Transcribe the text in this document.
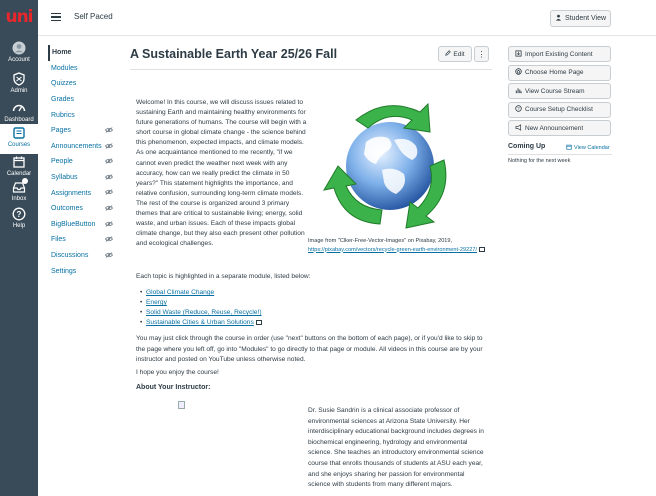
uni
Account
Admin
Dashboard
Courses
Calendar
Inbox
?
Help
Self Paced	Student View
Home
Modules
Quizzes
Grades
Rubrics
Pages
Announcements
People
Syllabus
Assignments
Outcomes
BigBlueButton
Files
Discussions
Settings
A Sustainable Earth Year 25/26 Fall	Edit ⋮

Welcome! In this course, we will discuss issues related to sustaining Earth and maintaining healthy environments for future generations of humans. The course will begin with a short course in global climate change - the science behind this phenomenon, expected impacts, and climate models. As one acquaintance mentioned to me recently, "if we cannot even predict the weather next week with any accuracy, how can we really predict the climate in 50 years?" This statement highlights the importance, and relative confusion, surrounding long-term climate models. The rest of the course is organized around 3 primary themes that are critical to sustainable living; energy, solid waste, and urban issues. Each of these impacts global climate change, but they also each present other pollution and ecological challenges.	Image from "Clker-Free-Vector-Images" on Pixabay, 2019,
https://pixabay.com/vectors/recycle-green-earth-environment-29227/

Each topic is highlighted in a separate module, listed below:

• Global Climate Change
• Energy
• Solid Waste (Reduce, Reuse, Recycle!)
• Sustainable Cities & Urban Solutions

You may just click through the course in order (use "next" buttons on the bottom of each page), or if you'd like to skip to the page where you left off, go into "Modules" to go directly to that page or module. All videos in this course are by your instructor and posted on YouTube unless otherwise noted.

I hope you enjoy the course!

About Your Instructor:

Dr. Susie Sandrin is a clinical associate professor of environmental sciences at Arizona State University. Her interdisciplinary educational background includes degrees in biochemical engineering, hydrology and environmental science. She teaches an introductory environmental science course that enrolls thousands of students at ASU each year, and she enjoys sharing her passion for environmental science with students from many different majors.

Import Existing Content
Choose Home Page
View Course Stream
? Course Setup Checklist
New Announcement
Coming Up	View Calendar
Nothing for the next week
